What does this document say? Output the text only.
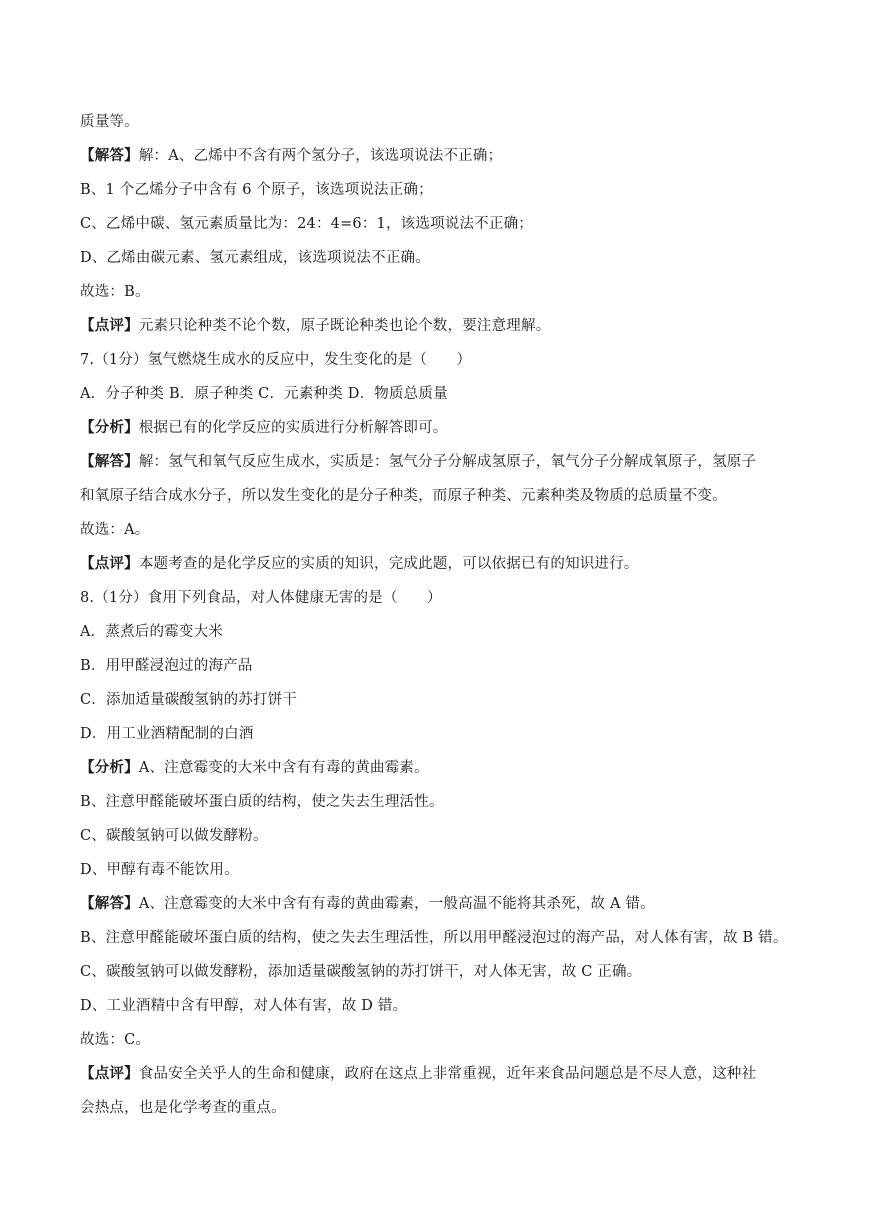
质量等。
【解答】解：A、乙烯中不含有两个氢分子，该选项说法不正确；
B、1 个乙烯分子中含有 6 个原子，该选项说法正确；
C、乙烯中碳、氢元素质量比为：24：4=6：1，该选项说法不正确；
D、乙烯由碳元素、氢元素组成，该选项说法不正确。
故选：B。
【点评】元素只论种类不论个数，原子既论种类也论个数，要注意理解。
7.（1分）氢气燃烧生成水的反应中，发生变化的是（　　）
A．分子种类 B．原子种类 C．元素种类 D．物质总质量
【分析】根据已有的化学反应的实质进行分析解答即可。
【解答】解：氢气和氧气反应生成水，实质是：氢气分子分解成氢原子，氧气分子分解成氧原子，氢原子
和氧原子结合成水分子，所以发生变化的是分子种类，而原子种类、元素种类及物质的总质量不变。
故选：A。
【点评】本题考查的是化学反应的实质的知识，完成此题，可以依据已有的知识进行。
8.（1分）食用下列食品，对人体健康无害的是（　　）
A．蒸煮后的霉变大米
B．用甲醛浸泡过的海产品
C．添加适量碳酸氢钠的苏打饼干
D．用工业酒精配制的白酒
【分析】A、注意霉变的大米中含有有毒的黄曲霉素。
B、注意甲醛能破坏蛋白质的结构，使之失去生理活性。
C、碳酸氢钠可以做发酵粉。
D、甲醇有毒不能饮用。
【解答】A、注意霉变的大米中含有有毒的黄曲霉素，一般高温不能将其杀死，故 A 错。
B、注意甲醛能破坏蛋白质的结构，使之失去生理活性，所以用甲醛浸泡过的海产品，对人体有害，故 B 错。
C、碳酸氢钠可以做发酵粉，添加适量碳酸氢钠的苏打饼干，对人体无害，故 C 正确。
D、工业酒精中含有甲醇，对人体有害，故 D 错。
故选：C。
【点评】食品安全关乎人的生命和健康，政府在这点上非常重视，近年来食品问题总是不尽人意，这种社
会热点，也是化学考查的重点。
